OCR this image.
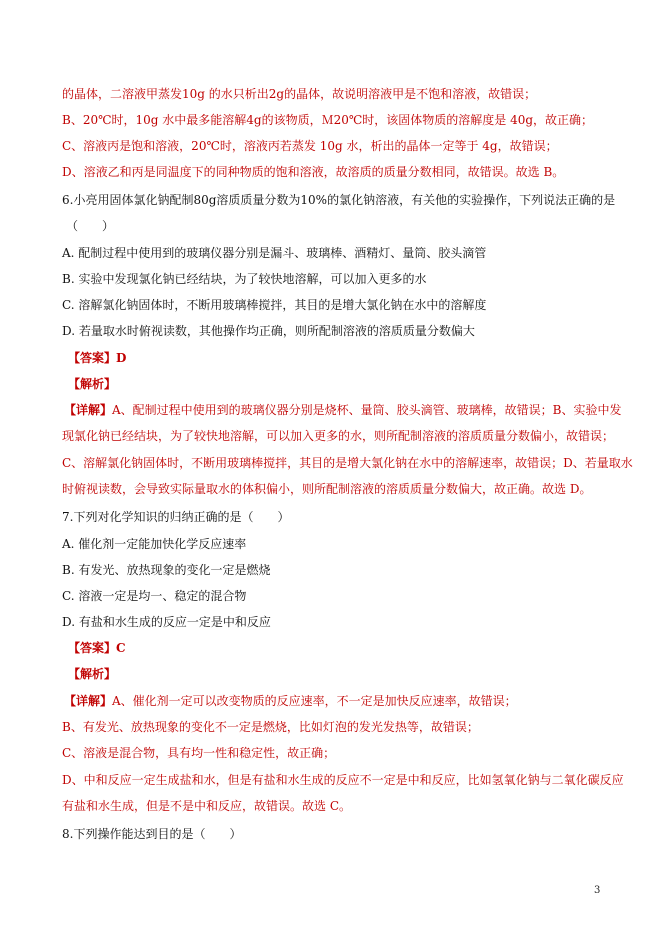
的晶体，二溶液甲蒸发10g 的水只析出2g的晶体，故说明溶液甲是不饱和溶液，故错误；
B、20℃时，10g 水中最多能溶解4g的该物质，Ｍ20℃时，该固体物质的溶解度是 40g，故正确；
C、溶液丙是饱和溶液，20℃时，溶液丙若蒸发 10g 水，析出的晶体一定等于 4g，故错误；
D、溶液乙和丙是同温度下的同种物质的饱和溶液，故溶质的质量分数相同，故错误。故选 B。
6.小亮用固体氯化钠配制80g溶质质量分数为10%的氯化钠溶液，有关他的实验操作，下列说法正确的是
（　　）
A. 配制过程中使用到的玻璃仪器分别是漏斗、玻璃棒、酒精灯、量筒、胶头滴管
B. 实验中发现氯化钠已经结块，为了较快地溶解，可以加入更多的水
C. 溶解氯化钠固体时，不断用玻璃棒搅拌，其目的是增大氯化钠在水中的溶解度
D. 若量取水时俯视读数，其他操作均正确，则所配制溶液的溶质质量分数偏大
【答案】D
【解析】
【详解】A、配制过程中使用到的玻璃仪器分别是烧杯、量筒、胶头滴管、玻璃棒，故错误；B、实验中发
现氯化钠已经结块，为了较快地溶解，可以加入更多的水，则所配制溶液的溶质质量分数偏小，故错误；
C、溶解氯化钠固体时，不断用玻璃棒搅拌，其目的是增大氯化钠在水中的溶解速率，故错误；D、若量取水
时俯视读数，会导致实际量取水的体积偏小，则所配制溶液的溶质质量分数偏大，故正确。故选 D。
7.下列对化学知识的归纳正确的是（　　）
A. 催化剂一定能加快化学反应速率
B. 有发光、放热现象的变化一定是燃烧
C. 溶液一定是均一、稳定的混合物
D. 有盐和水生成的反应一定是中和反应
【答案】C
【解析】
【详解】A、催化剂一定可以改变物质的反应速率，不一定是加快反应速率，故错误；
B、有发光、放热现象的变化不一定是燃烧，比如灯泡的发光发热等，故错误；
C、溶液是混合物，具有均一性和稳定性，故正确；
D、中和反应一定生成盐和水，但是有盐和水生成的反应不一定是中和反应，比如氢氧化钠与二氧化碳反应
有盐和水生成，但是不是中和反应，故错误。故选 C。
8.下列操作能达到目的是（　　）
3
